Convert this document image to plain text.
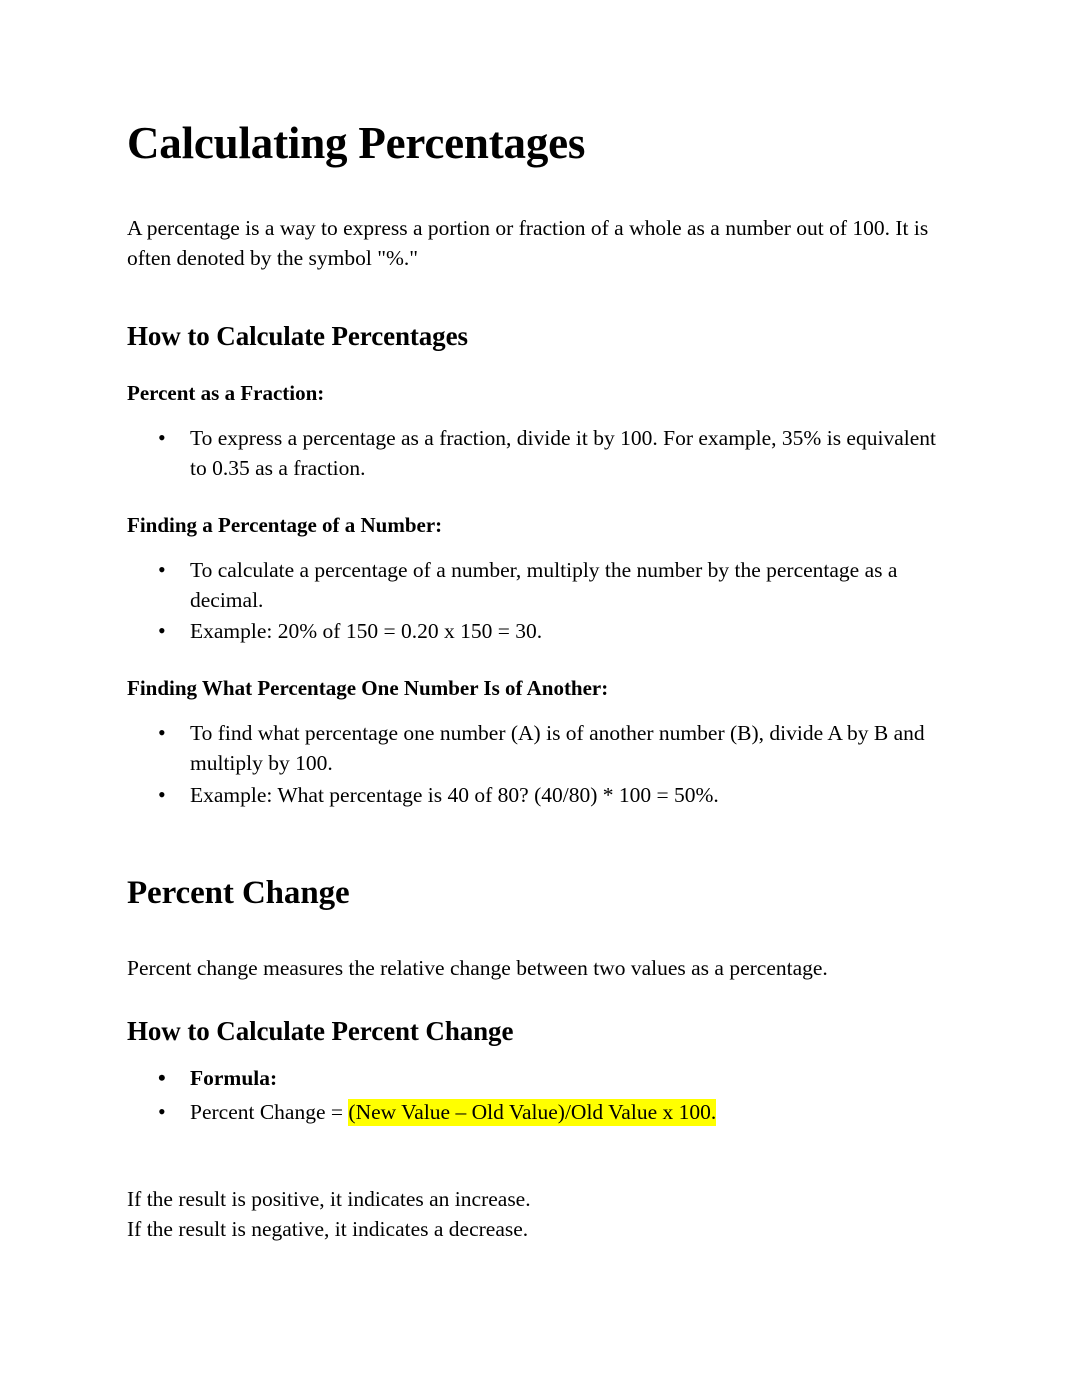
Calculating Percentages

A percentage is a way to express a portion or fraction of a whole as a number out of 100. It is often denoted by the symbol "%."

How to Calculate Percentages
Percent as a Fraction:
• To express a percentage as a fraction, divide it by 100. For example, 35% is equivalent to 0.35 as a fraction.
Finding a Percentage of a Number:
• To calculate a percentage of a number, multiply the number by the percentage as a decimal.
• Example: 20% of 150 = 0.20 x 150 = 30.
Finding What Percentage One Number Is of Another:
• To find what percentage one number (A) is of another number (B), divide A by B and multiply by 100.
• Example: What percentage is 40 of 80? (40/80) * 100 = 50%.
Percent Change

Percent change measures the relative change between two values as a percentage.

How to Calculate Percent Change
• Formula:
• Percent Change = (New Value – Old Value)/Old Value x 100.

If the result is positive, it indicates an increase.

If the result is negative, it indicates a decrease.
